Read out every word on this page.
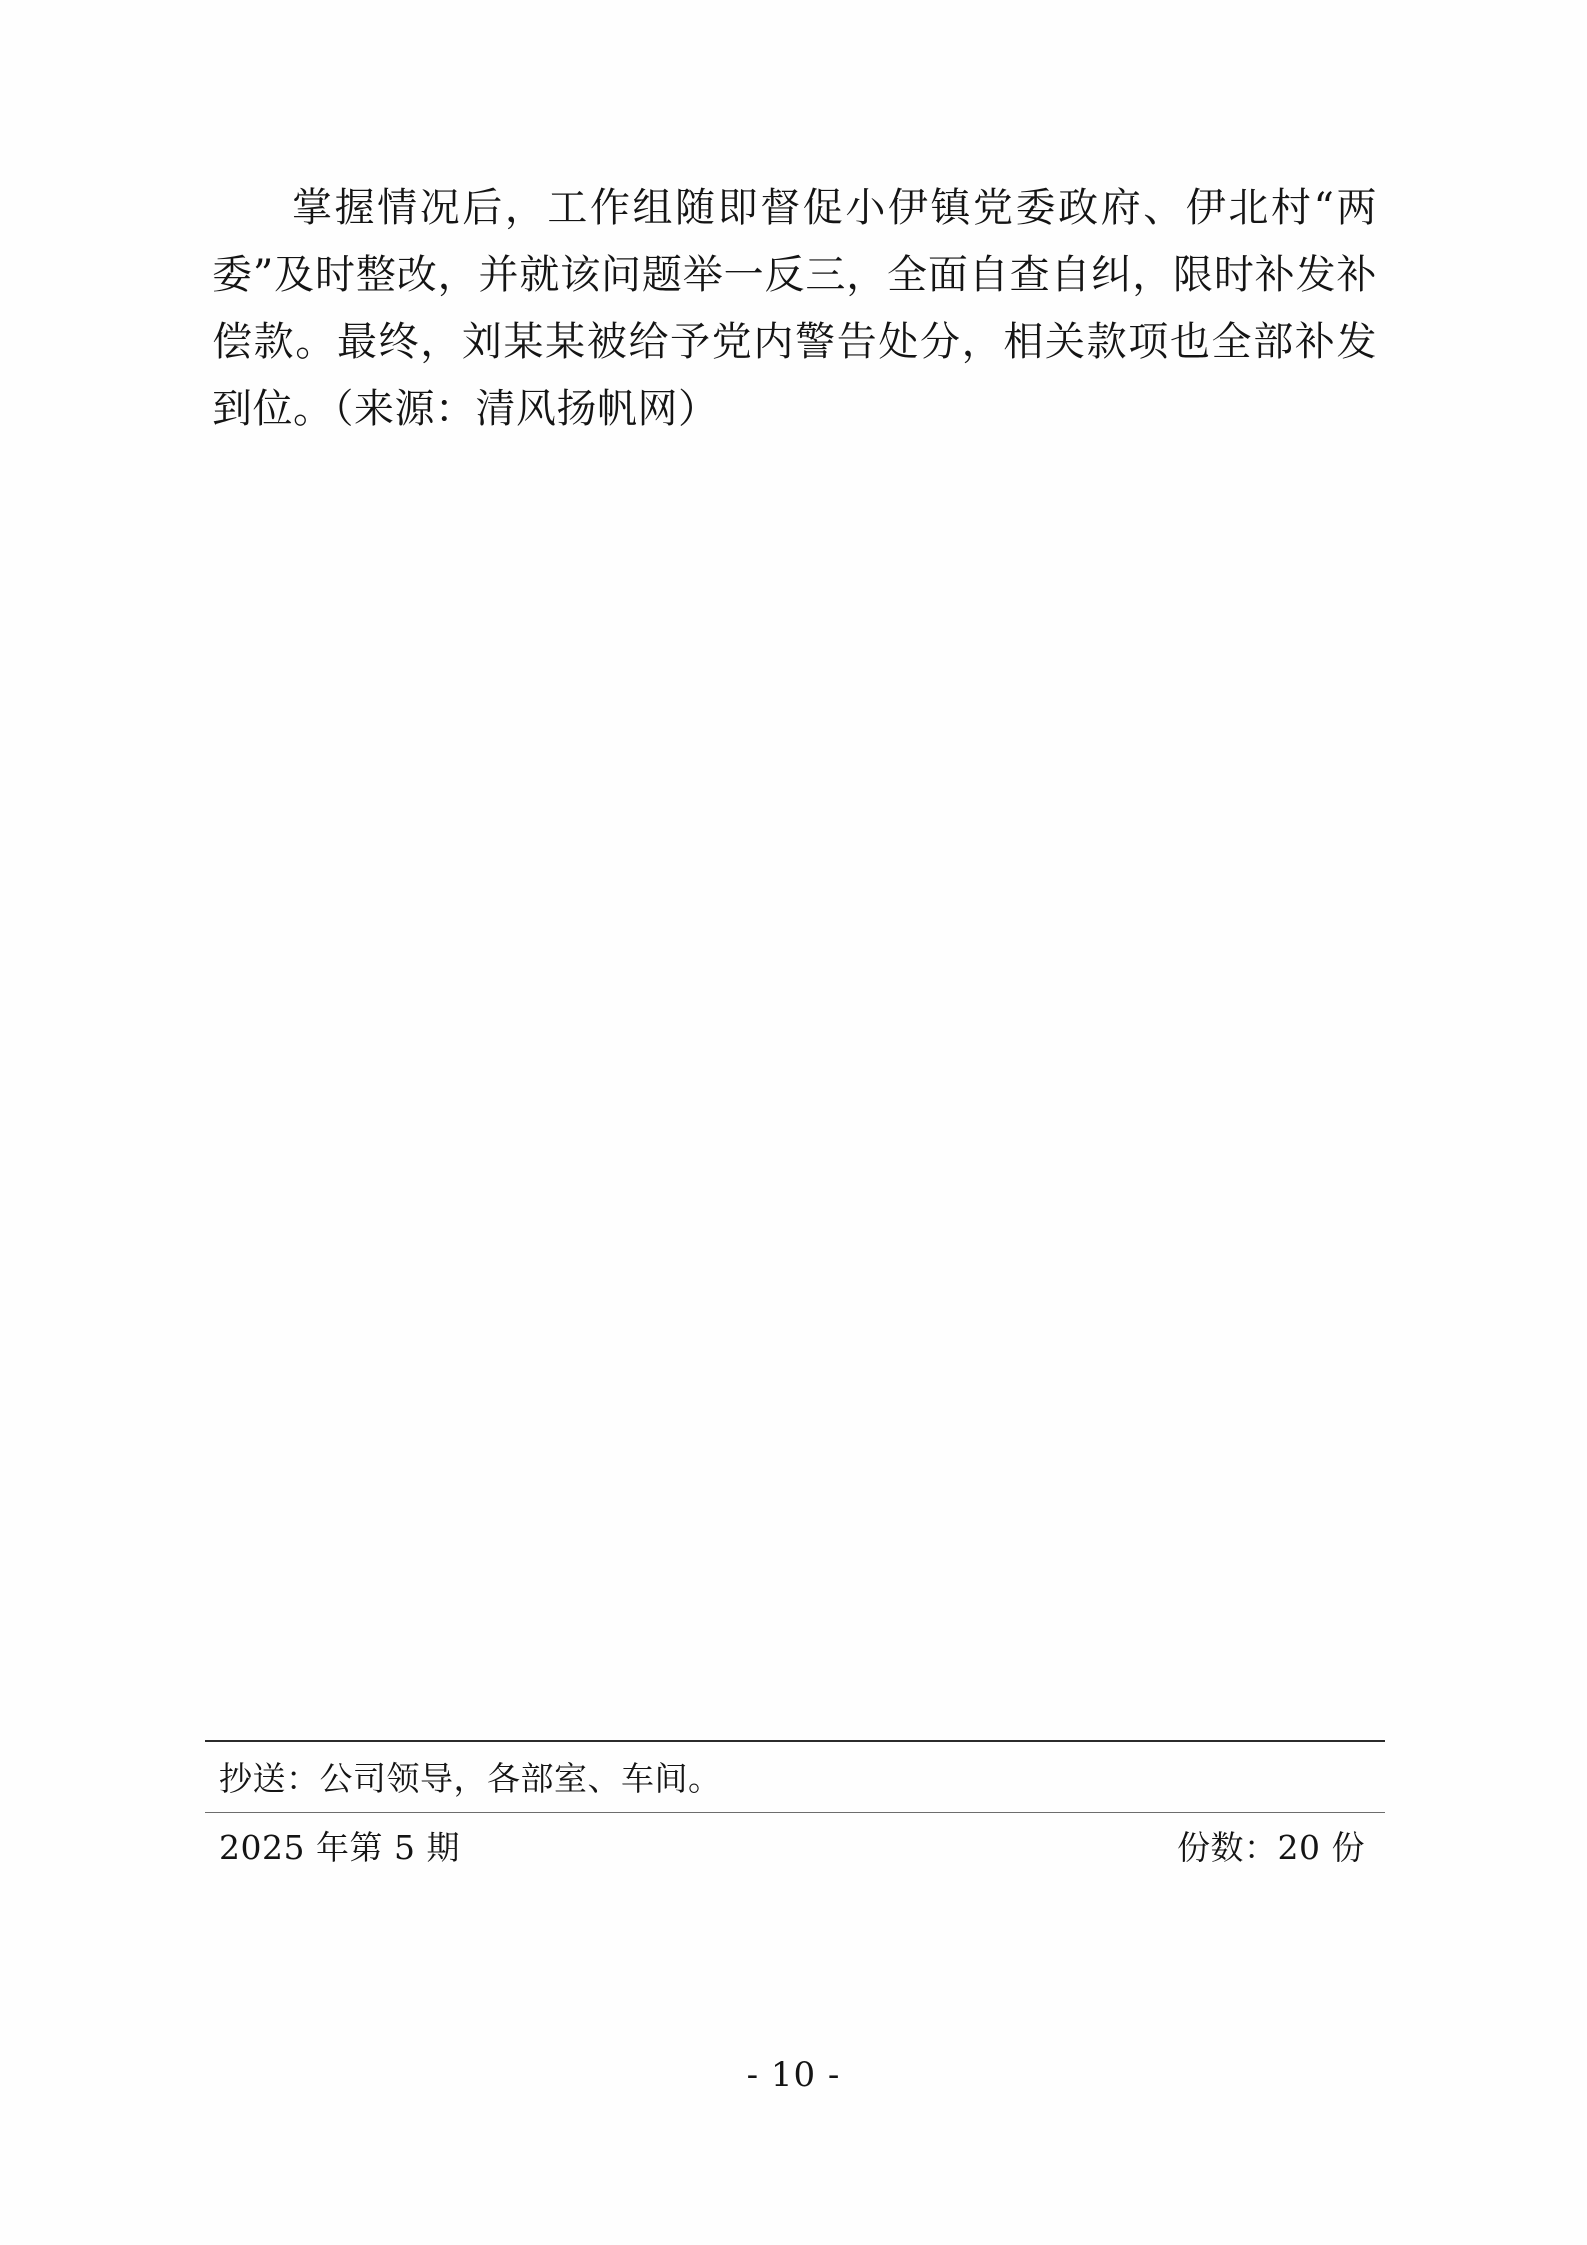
掌握情况后，工作组随即督促小伊镇党委政府、伊北村“两委”及时整改，并就该问题举一反三，全面自查自纠，限时补发补偿款。最终，刘某某被给予党内警告处分，相关款项也全部补发到位。（来源：清风扬帆网）

抄送：公司领导，各部室、车间。
2025 年第 5 期	份数：20 份
- 10 -
